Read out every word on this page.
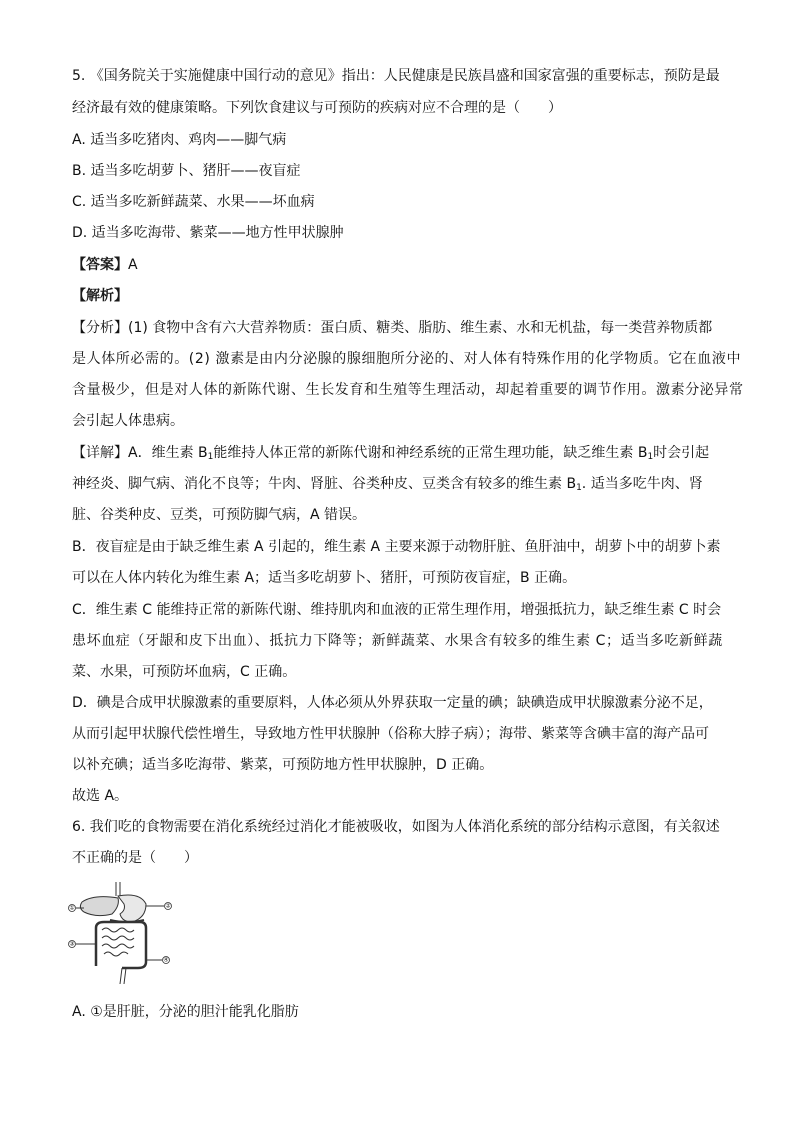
5. 《国务院关于实施健康中国行动的意见》指出：人民健康是民族昌盛和国家富强的重要标志，预防是最
经济最有效的健康策略。下列饮食建议与可预防的疾病对应不合理的是（　　）
A. 适当多吃猪肉、鸡肉——脚气病
B. 适当多吃胡萝卜、猪肝——夜盲症
C. 适当多吃新鲜蔬菜、水果——坏血病
D. 适当多吃海带、紫菜——地方性甲状腺肿
【答案】A
【解析】
【分析】(1) 食物中含有六大营养物质：蛋白质、糖类、脂肪、维生素、水和无机盐，每一类营养物质都
是人体所必需的。(2) 激素是由内分泌腺的腺细胞所分泌的、对人体有特殊作用的化学物质。它在血液中
含量极少，但是对人体的新陈代谢、生长发育和生殖等生理活动，却起着重要的调节作用。激素分泌异常
会引起人体患病。
【详解】A．维生素 $B_1$能维持人体正常的新陈代谢和神经系统的正常生理功能，缺乏维生素 $B_1$时会引起
神经炎、脚气病、消化不良等；牛肉、肾脏、谷类种皮、豆类含有较多的维生素 $B_1$. 适当多吃牛肉、肾
脏、谷类种皮、豆类，可预防脚气病，A 错误。
B．夜盲症是由于缺乏维生素 A 引起的，维生素 A 主要来源于动物肝脏、鱼肝油中，胡萝卜中的胡萝卜素
可以在人体内转化为维生素 A；适当多吃胡萝卜、猪肝，可预防夜盲症，B 正确。
C．维生素 C 能维持正常的新陈代谢、维持肌肉和血液的正常生理作用，增强抵抗力，缺乏维生素 C 时会
患坏血症（牙龈和皮下出血）、抵抗力下降等；新鲜蔬菜、水果含有较多的维生素 C；适当多吃新鲜蔬
菜、水果，可预防坏血病，C 正确。
D．碘是合成甲状腺激素的重要原料，人体必须从外界获取一定量的碘；缺碘造成甲状腺激素分泌不足，
从而引起甲状腺代偿性增生，导致地方性甲状腺肿（俗称大脖子病）；海带、紫菜等含碘丰富的海产品可
以补充碘；适当多吃海带、紫菜，可预防地方性甲状腺肿，D 正确。
故选 A。
6. 我们吃的食物需要在消化系统经过消化才能被吸收，如图为人体消化系统的部分结构示意图，有关叙述
不正确的是（　　）
①	②
③
④
A. ①是肝脏，分泌的胆汁能乳化脂肪
